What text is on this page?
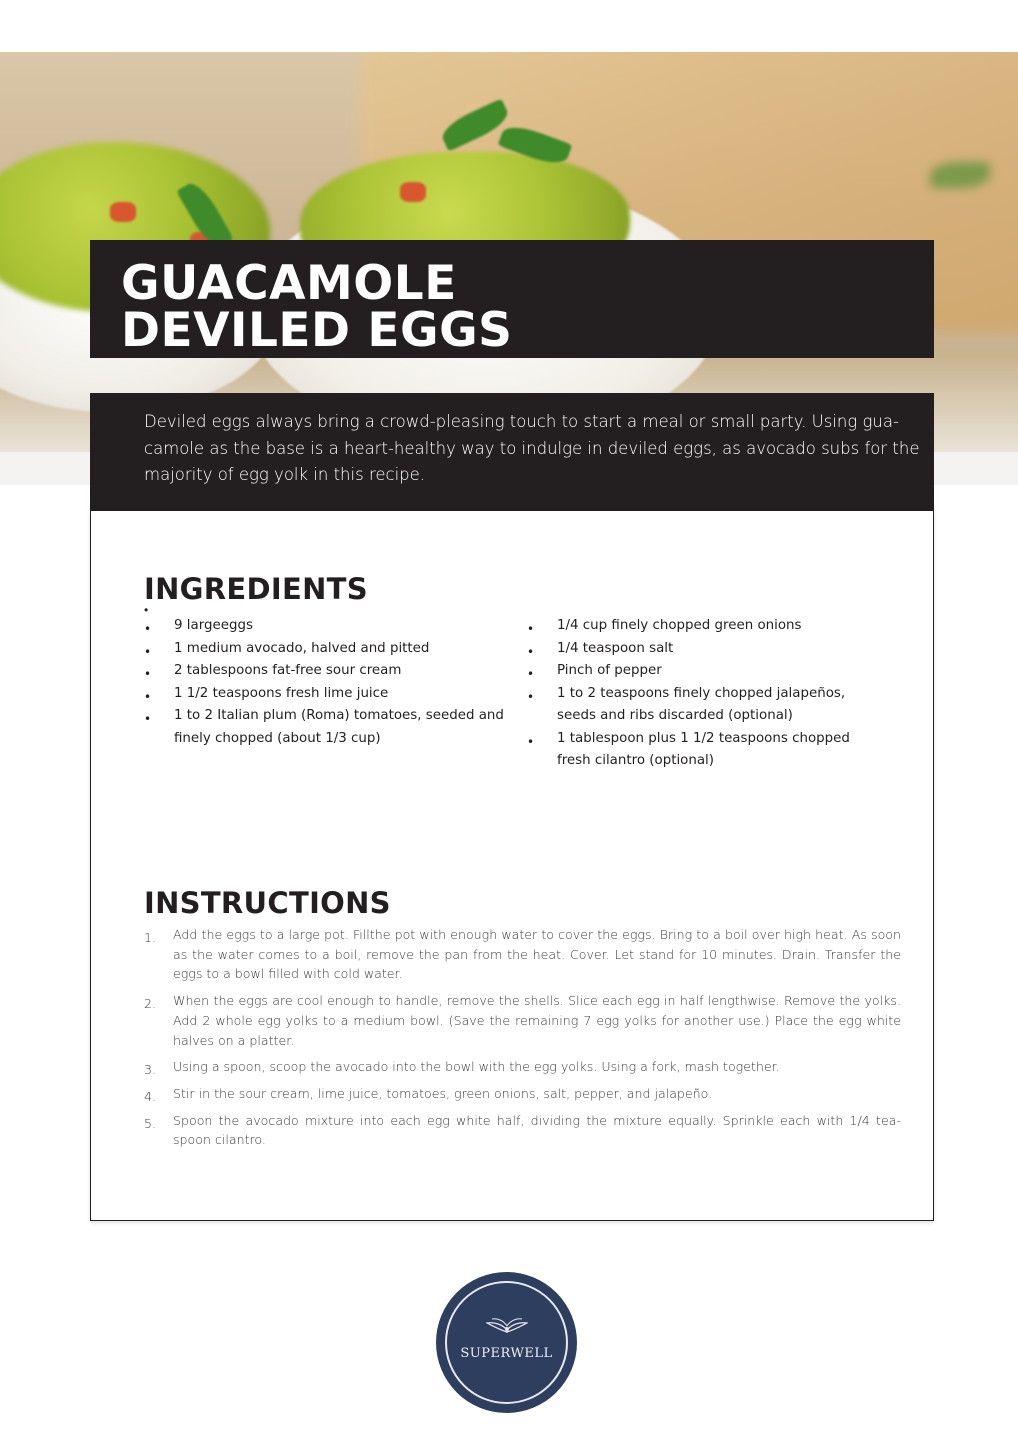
GUACAMOLE
DEVILED EGGS

Deviled eggs always bring a crowd-pleasing touch to start a meal or small party. Using gua-camole as the base is a heart-healthy way to indulge in deviled eggs, as avocado subs for the majority of egg yolk in this recipe.

INGREDIENTS
•
• 9 largeeggs
• 1 medium avocado, halved and pitted
• 2 tablespoons fat-free sour cream
• 1 1/2 teaspoons fresh lime juice
• 1 to 2 Italian plum (Roma) tomatoes, seeded and finely chopped (about 1/3 cup)
• 1/4 cup finely chopped green onions
• 1/4 teaspoon salt
• Pinch of pepper
• 1 to 2 teaspoons finely chopped jalapeños, seeds and ribs discarded (optional)
• 1 tablespoon plus 1 1/2 teaspoons chopped fresh cilantro (optional)
INSTRUCTIONS
1. Add the eggs to a large pot. Fillthe pot with enough water to cover the eggs. Bring to a boil over high heat. As soon as the water comes to a boil, remove the pan from the heat. Cover. Let stand for 10 minutes. Drain. Transfer the eggs to a bowl filled with cold water.
2. When the eggs are cool enough to handle, remove the shells. Slice each egg in half lengthwise. Remove the yolks. Add 2 whole egg yolks to a medium bowl. (Save the remaining 7 egg yolks for another use.) Place the egg white halves on a platter.
3. Using a spoon, scoop the avocado into the bowl with the egg yolks. Using a fork, mash together.
4. Stir in the sour cream, lime juice, tomatoes, green onions, salt, pepper, and jalapeño.
5. Spoon the avocado mixture into each egg white half, dividing the mixture equally. Sprinkle each with 1/4 tea-spoon cilantro.
SUPERWELL
